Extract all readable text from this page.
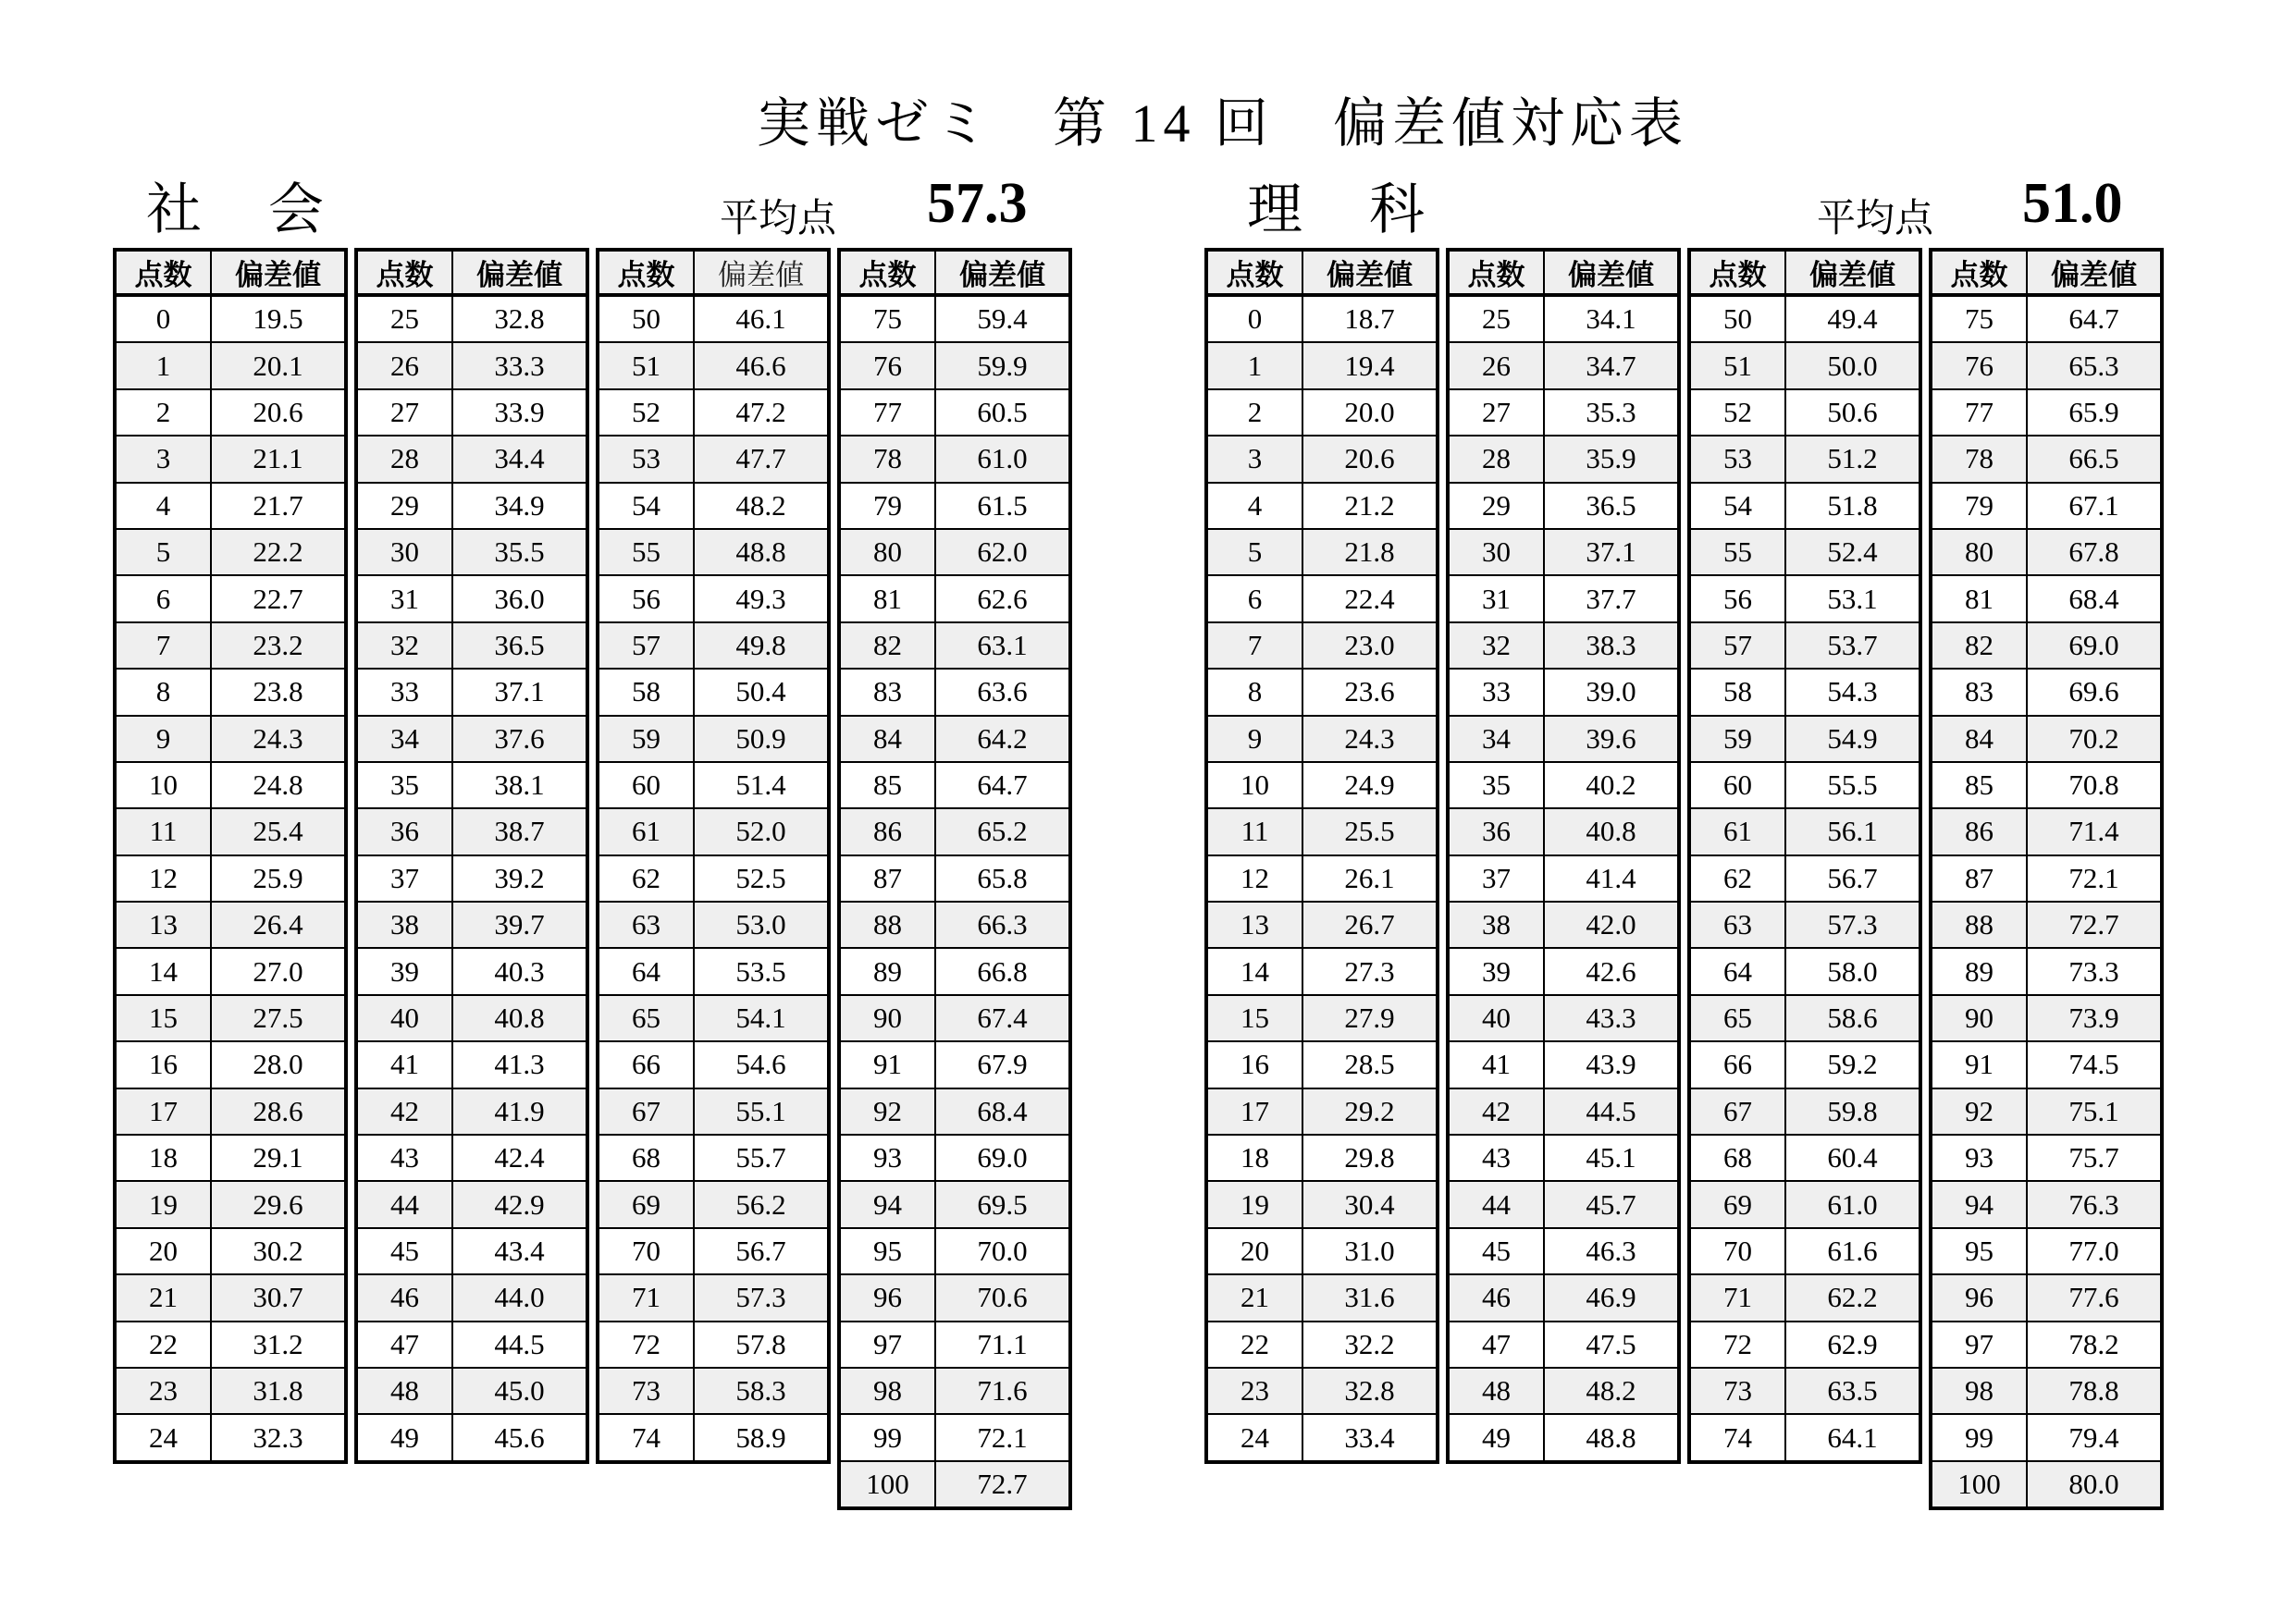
実戦ゼミ　第 14 回　偏差値対応表
社　会	平均点 57.3	理　科	平均点 51.0
点数	偏差値
0	19.5
1	20.1
2	20.6
3	21.1
4	21.7
5	22.2
6	22.7
7	23.2
8	23.8
9	24.3
10	24.8
11	25.4
12	25.9
13	26.4
14	27.0
15	27.5
16	28.0
17	28.6
18	29.1
19	29.6
20	30.2
21	30.7
22	31.2
23	31.8
24	32.3
点数	偏差値
25	32.8
26	33.3
27	33.9
28	34.4
29	34.9
30	35.5
31	36.0
32	36.5
33	37.1
34	37.6
35	38.1
36	38.7
37	39.2
38	39.7
39	40.3
40	40.8
41	41.3
42	41.9
43	42.4
44	42.9
45	43.4
46	44.0
47	44.5
48	45.0
49	45.6
点数	偏差値
50	46.1
51	46.6
52	47.2
53	47.7
54	48.2
55	48.8
56	49.3
57	49.8
58	50.4
59	50.9
60	51.4
61	52.0
62	52.5
63	53.0
64	53.5
65	54.1
66	54.6
67	55.1
68	55.7
69	56.2
70	56.7
71	57.3
72	57.8
73	58.3
74	58.9
点数	偏差値
75	59.4
76	59.9
77	60.5
78	61.0
79	61.5
80	62.0
81	62.6
82	63.1
83	63.6
84	64.2
85	64.7
86	65.2
87	65.8
88	66.3
89	66.8
90	67.4
91	67.9
92	68.4
93	69.0
94	69.5
95	70.0
96	70.6
97	71.1
98	71.6
99	72.1
100	72.7
点数	偏差値
0	18.7
1	19.4
2	20.0
3	20.6
4	21.2
5	21.8
6	22.4
7	23.0
8	23.6
9	24.3
10	24.9
11	25.5
12	26.1
13	26.7
14	27.3
15	27.9
16	28.5
17	29.2
18	29.8
19	30.4
20	31.0
21	31.6
22	32.2
23	32.8
24	33.4
点数	偏差値
25	34.1
26	34.7
27	35.3
28	35.9
29	36.5
30	37.1
31	37.7
32	38.3
33	39.0
34	39.6
35	40.2
36	40.8
37	41.4
38	42.0
39	42.6
40	43.3
41	43.9
42	44.5
43	45.1
44	45.7
45	46.3
46	46.9
47	47.5
48	48.2
49	48.8
点数	偏差値
50	49.4
51	50.0
52	50.6
53	51.2
54	51.8
55	52.4
56	53.1
57	53.7
58	54.3
59	54.9
60	55.5
61	56.1
62	56.7
63	57.3
64	58.0
65	58.6
66	59.2
67	59.8
68	60.4
69	61.0
70	61.6
71	62.2
72	62.9
73	63.5
74	64.1
点数	偏差値
75	64.7
76	65.3
77	65.9
78	66.5
79	67.1
80	67.8
81	68.4
82	69.0
83	69.6
84	70.2
85	70.8
86	71.4
87	72.1
88	72.7
89	73.3
90	73.9
91	74.5
92	75.1
93	75.7
94	76.3
95	77.0
96	77.6
97	78.2
98	78.8
99	79.4
100	80.0
